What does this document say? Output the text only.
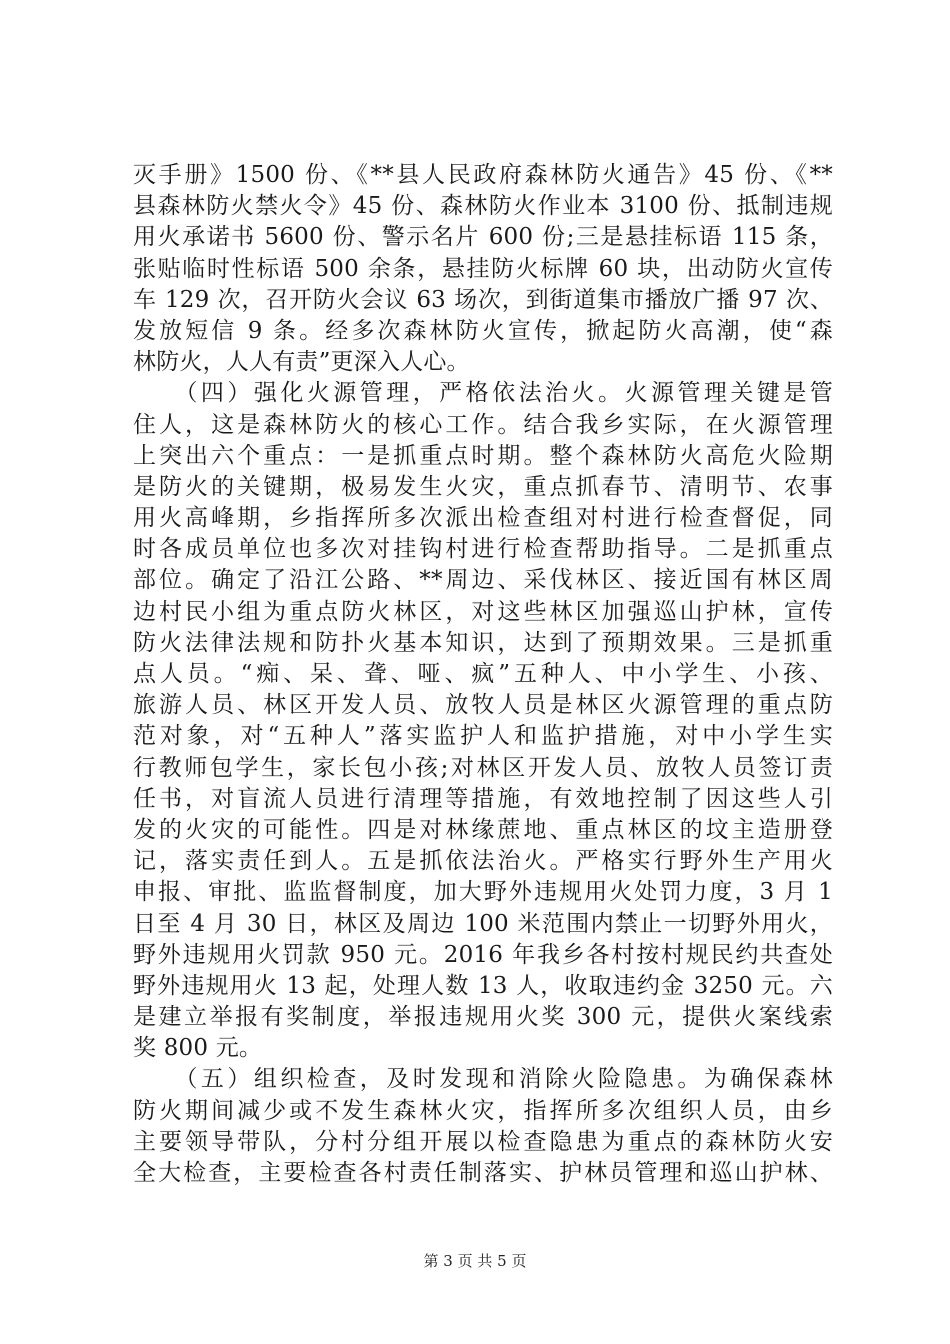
灭手册》1500 份、《**县人民政府森林防火通告》45 份、《**
县森林防火禁火令》45 份、森林防火作业本 3100 份、抵制违规
用火承诺书 5600 份、警示名片 600 份;三是悬挂标语 115 条，
张贴临时性标语 500 余条，悬挂防火标牌 60 块，出动防火宣传
车 129 次，召开防火会议 63 场次，到街道集市播放广播 97 次、
发放短信 9 条。经多次森林防火宣传，掀起防火高潮，使“森
林防火，人人有责”更深入人心。
　　（四）强化火源管理，严格依法治火。火源管理关键是管
住人，这是森林防火的核心工作。结合我乡实际，在火源管理
上突出六个重点：一是抓重点时期。整个森林防火高危火险期
是防火的关键期，极易发生火灾，重点抓春节、清明节、农事
用火高峰期，乡指挥所多次派出检查组对村进行检查督促，同
时各成员单位也多次对挂钩村进行检查帮助指导。二是抓重点
部位。确定了沿江公路、**周边、采伐林区、接近国有林区周
边村民小组为重点防火林区，对这些林区加强巡山护林，宣传
防火法律法规和防扑火基本知识，达到了预期效果。三是抓重
点人员。“痴、呆、聋、哑、疯”五种人、中小学生、小孩、
旅游人员、林区开发人员、放牧人员是林区火源管理的重点防
范对象，对“五种人”落实监护人和监护措施，对中小学生实
行教师包学生，家长包小孩;对林区开发人员、放牧人员签订责
任书，对盲流人员进行清理等措施，有效地控制了因这些人引
发的火灾的可能性。四是对林缘蔗地、重点林区的坟主造册登
记，落实责任到人。五是抓依法治火。严格实行野外生产用火
申报、审批、监监督制度，加大野外违规用火处罚力度，3 月 1
日至 4 月 30 日，林区及周边 100 米范围内禁止一切野外用火，
野外违规用火罚款 950 元。2016 年我乡各村按村规民约共查处
野外违规用火 13 起，处理人数 13 人，收取违约金 3250 元。六
是建立举报有奖制度，举报违规用火奖 300 元，提供火案线索
奖 800 元。
　　（五）组织检查，及时发现和消除火险隐患。为确保森林
防火期间减少或不发生森林火灾，指挥所多次组织人员，由乡
主要领导带队，分村分组开展以检查隐患为重点的森林防火安
全大检查，主要检查各村责任制落实、护林员管理和巡山护林、
第 3 页 共 5 页
